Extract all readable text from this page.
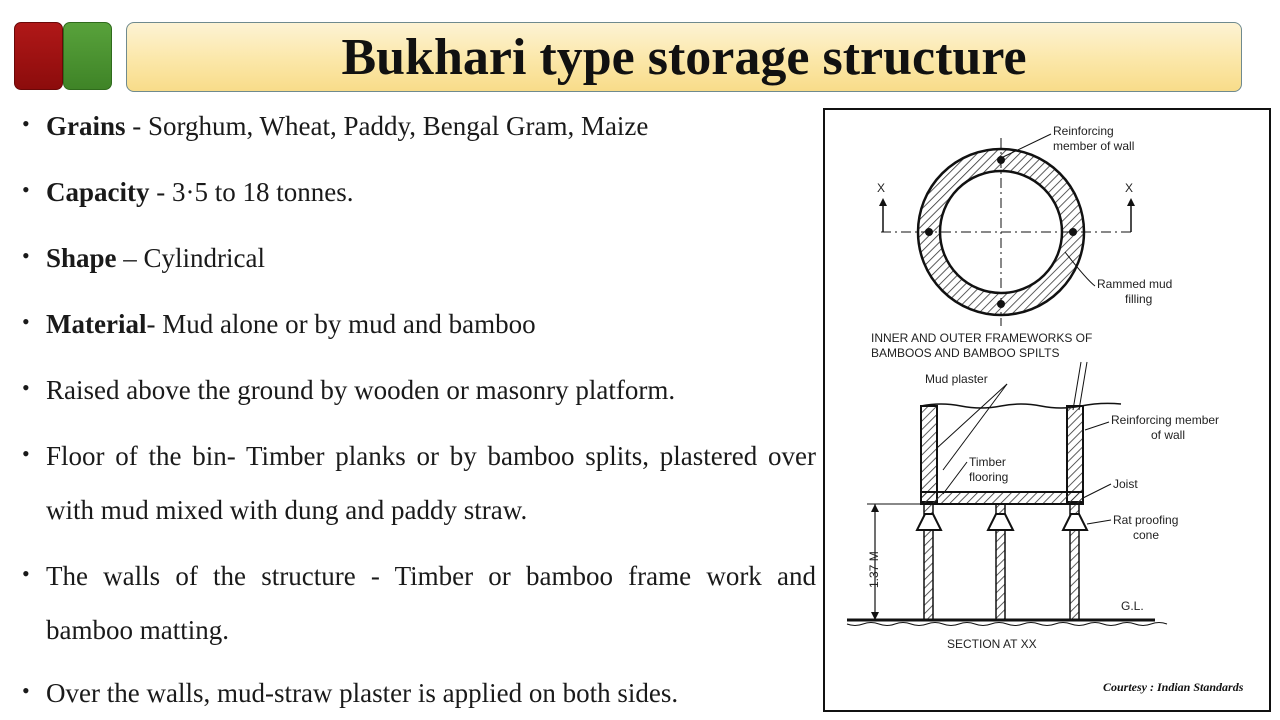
Bukhari type storage structure
• Grains - Sorghum, Wheat, Paddy, Bengal Gram, Maize
• Capacity - 3·5 to 18 tonnes.
• Shape – Cylindrical
• Material- Mud alone or by mud and bamboo
• Raised above the ground by wooden or masonry platform.
• Floor of the bin- Timber planks or by bamboo splits, plastered over with mud mixed with dung and paddy straw.
• The walls of the structure - Timber or bamboo frame work and bamboo matting.
• Over the walls, mud-straw plaster is applied on both sides.
Reinforcing
member of wall
X	X
Rammed mud
filling
INNER AND OUTER FRAMEWORKS OF
BAMBOOS AND BAMBOO SPILTS
Mud plaster
Reinforcing member
of wall
Timber
flooring	Joist
Rat proofing
cone
1.37 M
G.L.
SECTION AT XX
Courtesy : Indian Standards
